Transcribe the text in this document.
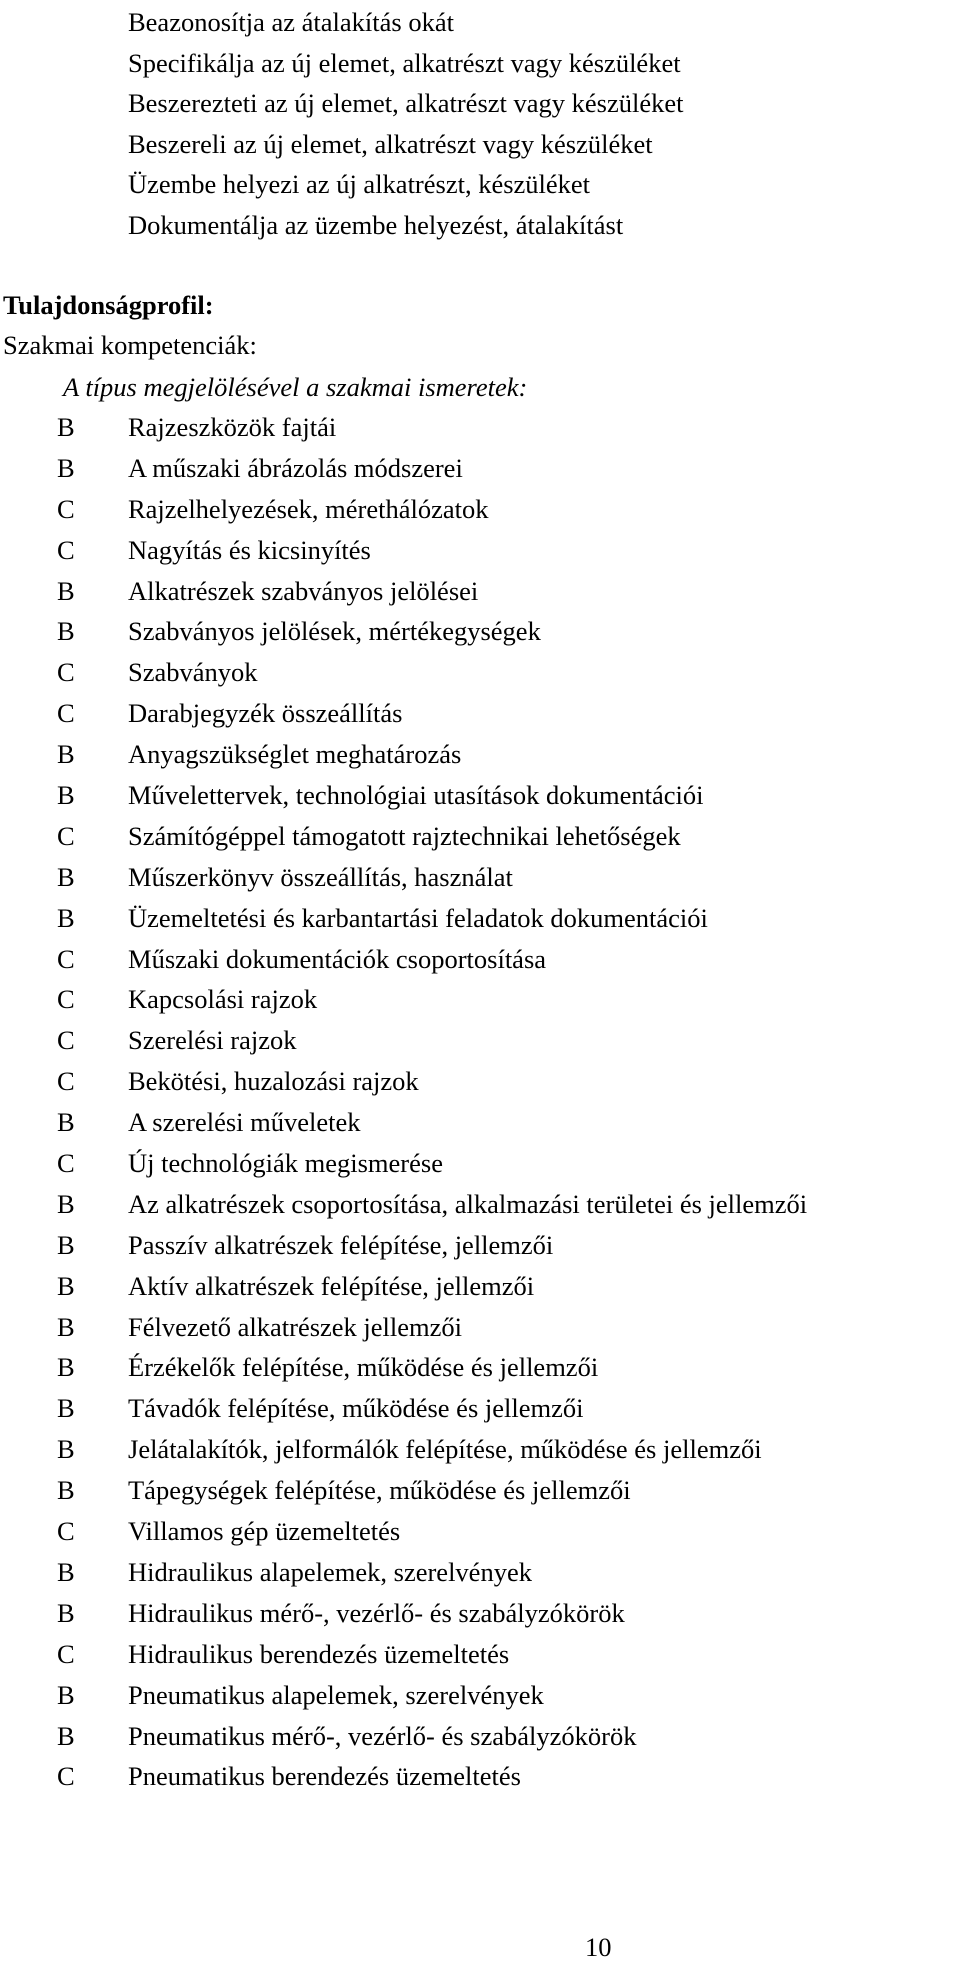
Beazonosítja az átalakítás okát
Specifikálja az új elemet, alkatrészt vagy készüléket
Beszerezteti az új elemet, alkatrészt vagy készüléket
Beszereli az új elemet, alkatrészt vagy készüléket
Üzembe helyezi az új alkatrészt, készüléket
Dokumentálja az üzembe helyezést, átalakítást
Tulajdonságprofil:

Szakmai kompetenciák:

A típus megjelölésével a szakmai ismeretek:

B Rajzeszközök fajtái
B A műszaki ábrázolás módszerei
C Rajzelhelyezések, mérethálózatok
C Nagyítás és kicsinyítés
B Alkatrészek szabványos jelölései
B Szabványos jelölések, mértékegységek
C Szabványok
C Darabjegyzék összeállítás
B Anyagszükséglet meghatározás
B Művelettervek, technológiai utasítások dokumentációi
C Számítógéppel támogatott rajztechnikai lehetőségek
B Műszerkönyv összeállítás, használat
B Üzemeltetési és karbantartási feladatok dokumentációi
C Műszaki dokumentációk csoportosítása
C Kapcsolási rajzok
C Szerelési rajzok
C Bekötési, huzalozási rajzok
B A szerelési műveletek
C Új technológiák megismerése
B Az alkatrészek csoportosítása, alkalmazási területei és jellemzői
B Passzív alkatrészek felépítése, jellemzői
B Aktív alkatrészek felépítése, jellemzői
B Félvezető alkatrészek jellemzői
B Érzékelők felépítése, működése és jellemzői
B Távadók felépítése, működése és jellemzői
B Jelátalakítók, jelformálók felépítése, működése és jellemzői
B Tápegységek felépítése, működése és jellemzői
C Villamos gép üzemeltetés
B Hidraulikus alapelemek, szerelvények
B Hidraulikus mérő-, vezérlő- és szabályzókörök
C Hidraulikus berendezés üzemeltetés
B Pneumatikus alapelemek, szerelvények
B Pneumatikus mérő-, vezérlő- és szabályzókörök
C Pneumatikus berendezés üzemeltetés
10
